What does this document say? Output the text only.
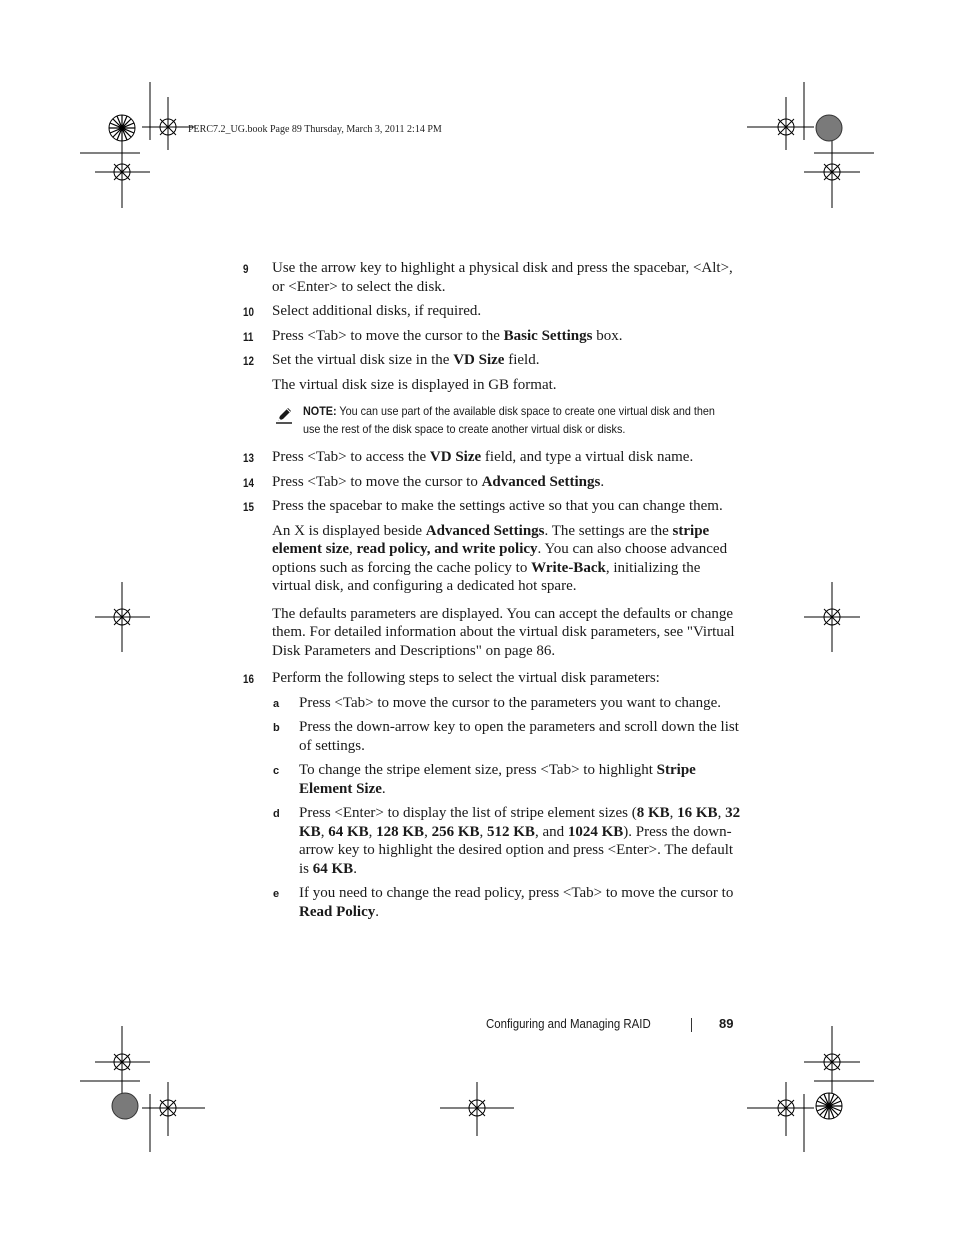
PERC7.2_UG.book Page 89 Thursday, March 3, 2011 2:14 PM
9 Use the arrow key to highlight a physical disk and press the spacebar, <Alt>, or <Enter> to select the disk.
10 Select additional disks, if required.
11 Press <Tab> to move the cursor to the Basic Settings box.
12 Set the virtual disk size in the VD Size field.
The virtual disk size is displayed in GB format.
NOTE: You can use part of the available disk space to create one virtual disk and then use the rest of the disk space to create another virtual disk or disks.
13 Press <Tab> to access the VD Size field, and type a virtual disk name.
14 Press <Tab> to move the cursor to Advanced Settings.
15 Press the spacebar to make the settings active so that you can change them.
An X is displayed beside Advanced Settings. The settings are the stripe element size, read policy, and write policy. You can also choose advanced options such as forcing the cache policy to Write-Back, initializing the virtual disk, and configuring a dedicated hot spare.
The defaults parameters are displayed. You can accept the defaults or change them. For detailed information about the virtual disk parameters, see "Virtual Disk Parameters and Descriptions" on page 86.
16 Perform the following steps to select the virtual disk parameters:
a Press <Tab> to move the cursor to the parameters you want to change.
b Press the down-arrow key to open the parameters and scroll down the list of settings.
c To change the stripe element size, press <Tab> to highlight Stripe Element Size.
d Press <Enter> to display the list of stripe element sizes (8 KB, 16 KB, 32 KB, 64 KB, 128 KB, 256 KB, 512 KB, and 1024 KB). Press the down-arrow key to highlight the desired option and press <Enter>. The default is 64 KB.
e If you need to change the read policy, press <Tab> to move the cursor to Read Policy.
Configuring and Managing RAID	89
